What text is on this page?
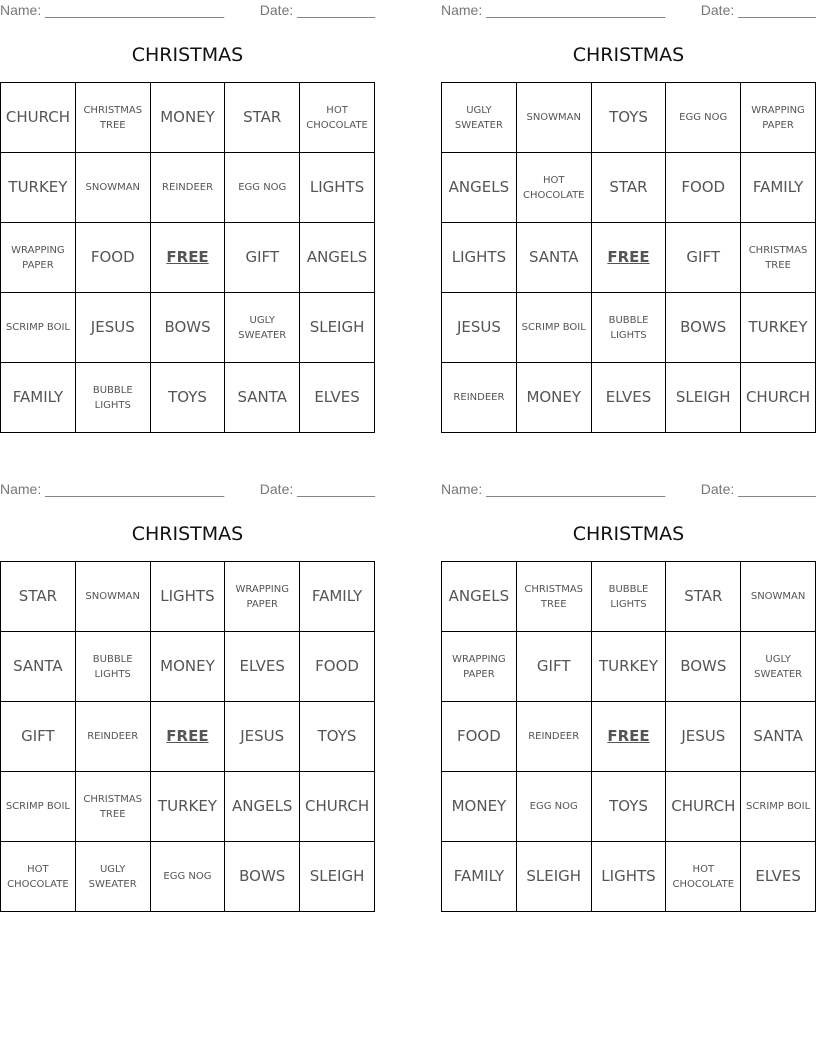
Name: _______________________	Date: __________
CHRISTMAS
CHURCH	CHRISTMAS TREE	MONEY	STAR	HOT CHOCOLATE
TURKEY	SNOWMAN	REINDEER	EGG NOG	LIGHTS
WRAPPING PAPER	FOOD	FREE	GIFT	ANGELS
SCRIMP BOIL	JESUS	BOWS	UGLY SWEATER	SLEIGH
FAMILY	BUBBLE LIGHTS	TOYS	SANTA	ELVES
Name: _______________________	Date: __________
CHRISTMAS
UGLY SWEATER	SNOWMAN	TOYS	EGG NOG	WRAPPING PAPER
ANGELS	HOT CHOCOLATE	STAR	FOOD	FAMILY
LIGHTS	SANTA	FREE	GIFT	CHRISTMAS TREE
JESUS	SCRIMP BOIL	BUBBLE LIGHTS	BOWS	TURKEY
REINDEER	MONEY	ELVES	SLEIGH	CHURCH
Name: _______________________	Date: __________
CHRISTMAS
STAR	SNOWMAN	LIGHTS	WRAPPING PAPER	FAMILY
SANTA	BUBBLE LIGHTS	MONEY	ELVES	FOOD
GIFT	REINDEER	FREE	JESUS	TOYS
SCRIMP BOIL	CHRISTMAS TREE	TURKEY	ANGELS	CHURCH
HOT CHOCOLATE	UGLY SWEATER	EGG NOG	BOWS	SLEIGH
Name: _______________________	Date: __________
CHRISTMAS
ANGELS	CHRISTMAS TREE	BUBBLE LIGHTS	STAR	SNOWMAN
WRAPPING PAPER	GIFT	TURKEY	BOWS	UGLY SWEATER
FOOD	REINDEER	FREE	JESUS	SANTA
MONEY	EGG NOG	TOYS	CHURCH	SCRIMP BOIL
FAMILY	SLEIGH	LIGHTS	HOT CHOCOLATE	ELVES
